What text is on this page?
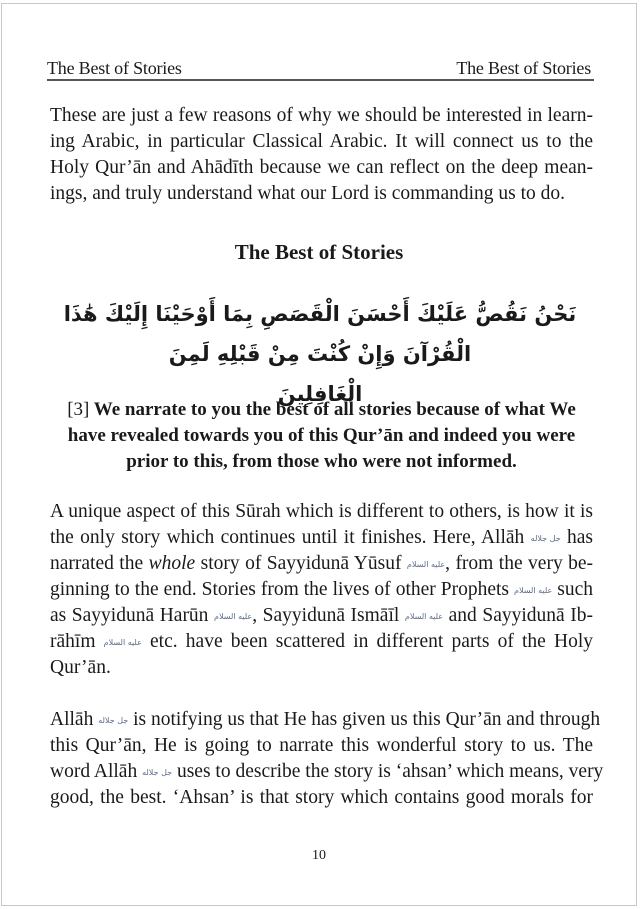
The Best of Stories	The Best of Stories
These are just a few reasons of why we should be interested in learn-
ing Arabic, in particular Classical Arabic. It will connect us to the
Holy Qur’ān and Ahādīth because we can reflect on the deep mean-
ings, and truly understand what our Lord is commanding us to do.
The Best of Stories
نَحْنُ نَقُصُّ عَلَيْكَ أَحْسَنَ الْقَصَصِ بِمَا أَوْحَيْنَا إِلَيْكَ هَٰذَا الْقُرْآنَ وَإِنْ كُنْتَ مِنْ قَبْلِهِ لَمِنَ
الْغَافِلِينَ
[3] We narrate to you the best of all stories because of what We
have revealed towards you of this Qur’ān and indeed you were
prior to this, from those who were not informed.
A unique aspect of this Sūrah which is different to others, is how it is
the only story which continues until it finishes. Here, Allāh جل جلاله has
narrated the whole story of Sayyidunā Yūsuf عليه السلام, from the very be-
ginning to the end. Stories from the lives of other Prophets عليه السلام such
as Sayyidunā Harūn عليه السلام, Sayyidunā Ismāīl عليه السلام and Sayyidunā Ib-
rāhīm عليه السلام etc. have been scattered in different parts of the Holy
Qur’ān.
Allāh جل جلاله is notifying us that He has given us this Qur’ān and through
this Qur’ān, He is going to narrate this wonderful story to us. The
word Allāh جل جلاله uses to describe the story is ‘ahsan’ which means, very
good, the best. ‘Ahsan’ is that story which contains good morals for
10
